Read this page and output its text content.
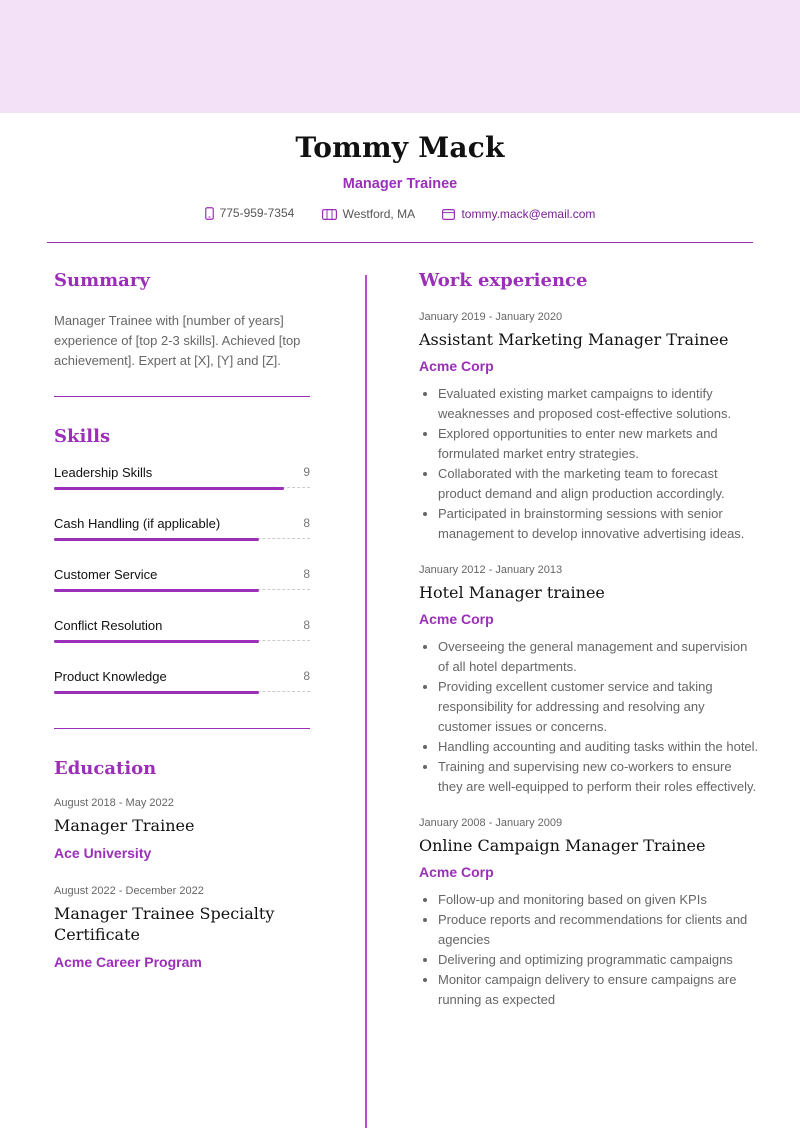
Tommy Mack
Manager Trainee
775-959-7354
	Westford, MA
	tommy.mack@email.com
Summary
Manager Trainee with [number of years] experience of [top 2-3 skills]. Achieved [top achievement]. Expert at [X], [Y] and [Z].
Skills
Leadership Skills	9
Cash Handling (if applicable)	8
Customer Service	8
Conflict Resolution	8
Product Knowledge	8
Education
August 2018 - May 2022
Manager Trainee
Ace University
August 2022 - December 2022
Manager Trainee Specialty Certificate
Acme Career Program
Work experience
January 2019 - January 2020
Assistant Marketing Manager Trainee
Acme Corp
• Evaluated existing market campaigns to identify weaknesses and proposed cost-effective solutions.
• Explored opportunities to enter new markets and formulated market entry strategies.
• Collaborated with the marketing team to forecast product demand and align production accordingly.
• Participated in brainstorming sessions with senior management to develop innovative advertising ideas.
January 2012 - January 2013
Hotel Manager trainee
Acme Corp
• Overseeing the general management and supervision of all hotel departments.
• Providing excellent customer service and taking responsibility for addressing and resolving any customer issues or concerns.
• Handling accounting and auditing tasks within the hotel.
• Training and supervising new co-workers to ensure they are well-equipped to perform their roles effectively.
January 2008 - January 2009
Online Campaign Manager Trainee
Acme Corp
• Follow-up and monitoring based on given KPIs
• Produce reports and recommendations for clients and agencies
• Delivering and optimizing programmatic campaigns
• Monitor campaign delivery to ensure campaigns are running as expected
